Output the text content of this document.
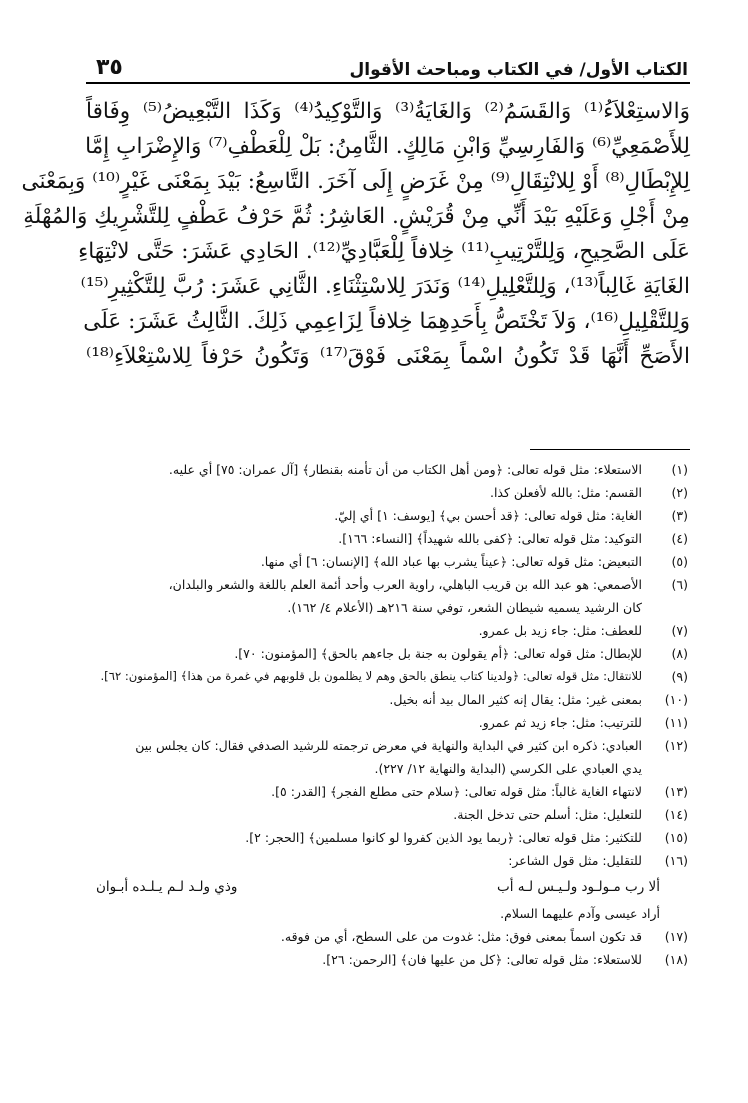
الكتاب الأول/ في الكتاب ومباحث الأقوال
٣٥
وَالاستِعْلاَءُ⁽¹⁾ وَالقَسَمُ⁽²⁾ وَالغَايَةُ⁽³⁾ وَالتَّوْكِيدُ⁽⁴⁾ وَكَذَا التَّبْعِيضُ⁽⁵⁾ وِفَاقاً
لِلأَصْمَعِيِّ⁽⁶⁾ وَالفَارِسِيِّ وَابْنِ مَالِكٍ. الثَّامِنُ: بَلْ لِلْعَطْفِ⁽⁷⁾ وَالإِضْرَابِ إِمَّا
لِلإِبْطَالِ⁽⁸⁾ أَوْ لِلانْتِقَالِ⁽⁹⁾ مِنْ غَرَضٍ إِلَى آخَرَ. التَّاسِعُ: بَيْدَ بِمَعْنَى غَيْرٍ⁽¹⁰⁾ وَبِمَعْنَى
مِنْ أَجْلِ وَعَلَيْهِ بَيْدَ أَنِّي مِنْ قُرَيْشٍ. العَاشِرُ: ثُمَّ حَرْفُ عَطْفٍ لِلتَّشْرِيكِ وَالمُهْلَةِ
عَلَى الصَّحِيحِ، وَلِلتَّرْتِيبِ⁽¹¹⁾ خِلافاً لِلْعَبَّادِيِّ⁽¹²⁾. الحَادِي عَشَرَ: حَتَّى لانْتِهَاءِ
الغَايَةِ غَالِباً⁽¹³⁾، وَلِلتَّعْلِيلِ⁽¹⁴⁾ وَنَدَرَ لِلاسْتِثْنَاءِ. الثَّانِي عَشَرَ: رُبَّ لِلتَّكْثِيرِ⁽¹⁵⁾
وَلِلتَّقْلِيلِ⁽¹⁶⁾، وَلاَ تَخْتَصُّ بِأَحَدِهِمَا خِلافاً لِزَاعِمِي ذَلِكَ. الثَّالِثُ عَشَرَ: عَلَى
الأَصَحِّ أَنَّهَا قَدْ تَكُونُ اسْماً بِمَعْنَى فَوْقَ⁽¹⁷⁾ وَتَكُونُ حَرْفاً لِلاسْتِعْلاَءِ⁽¹⁸⁾
(١)
الاستعلاء: مثل قوله تعالى: ﴿ومن أهل الكتاب من أن تأمنه بقنطار﴾ [آل عمران: ٧٥] أي عليه.
(٢)
القسم: مثل: بالله لأفعلن كذا.
(٣)
الغاية: مثل قوله تعالى: ﴿قد أحسن بي﴾ [يوسف: ١] أي إليّ.
(٤)
التوكيد: مثل قوله تعالى: ﴿كفى بالله شهيداً﴾ [النساء: ١٦٦].
(٥)
التبعيض: مثل قوله تعالى: ﴿عيناً يشرب بها عباد الله﴾ [الإنسان: ٦] أي منها.
(٦)
الأصمعي: هو عبد الله بن قريب الباهلي، راوية العرب وأحد أئمة العلم باللغة والشعر والبلدان،
كان الرشيد يسميه شيطان الشعر، توفي سنة ٢١٦هـ (الأعلام ٤/ ١٦٢).
(٧)
للعطف: مثل: جاء زيد بل عمرو.
(٨)
للإبطال: مثل قوله تعالى: ﴿أم يقولون به جنة بل جاءهم بالحق﴾ [المؤمنون: ٧٠].
(٩)
للانتقال: مثل قوله تعالى: ﴿ولدينا كتاب ينطق بالحق وهم لا يظلمون بل قلوبهم في غمرة من هذا﴾ [المؤمنون: ٦٢].
(١٠)
بمعنى غير: مثل: يقال إنه كثير المال بيد أنه بخيل.
(١١)
للترتيب: مثل: جاء زيد ثم عمرو.
(١٢)
العبادي: ذكره ابن كثير في البداية والنهاية في معرض ترجمته للرشيد الصدفي فقال: كان يجلس بين
يدي العبادي على الكرسي (البداية والنهاية ١٢/ ٢٢٧).
(١٣)
لانتهاء الغاية غالباً: مثل قوله تعالى: ﴿سلام حتى مطلع الفجر﴾ [القدر: ٥].
(١٤)
للتعليل: مثل: أسلم حتى تدخل الجنة.
(١٥)
للتكثير: مثل قوله تعالى: ﴿ربما يود الذين كفروا لو كانوا مسلمين﴾ [الحجر: ٢].
(١٦)
للتقليل: مثل قول الشاعر:
ألا رب مـولـود ولـيـس لـه أب
وذي ولـد لـم يـلـده أبـوان
أراد عيسى وآدم عليهما السلام.
(١٧)
قد تكون اسماً بمعنى فوق: مثل: غدوت من على السطح، أي من فوقه.
(١٨)
للاستعلاء: مثل قوله تعالى: ﴿كل من عليها فان﴾ [الرحمن: ٢٦].
